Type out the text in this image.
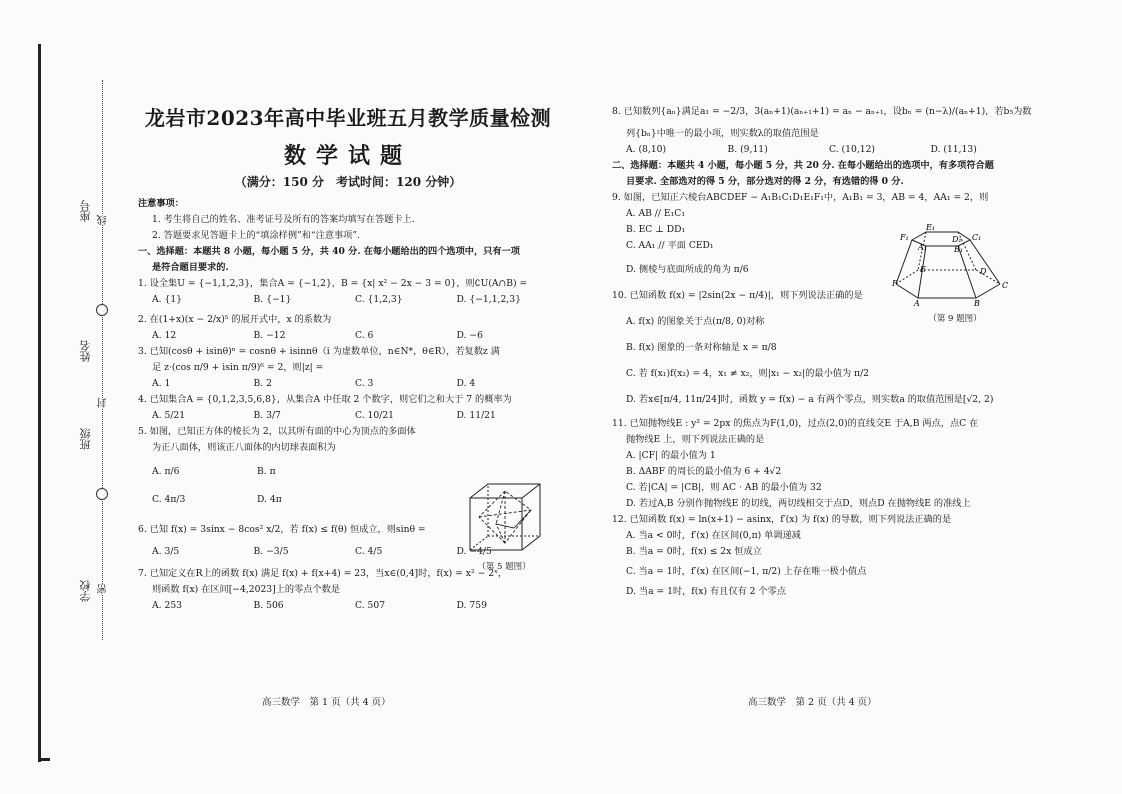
座号 线
姓名
封
班级
学校 密
龙岩市2023年高中毕业班五月教学质量检测
数学试题
（满分：150 分　考试时间：120 分钟）

注意事项：

1. 考生将自己的姓名、准考证号及所有的答案均填写在答题卡上.

2. 答题要求见答题卡上的“填涂样例”和“注意事项”.

一、选择题：本题共 8 小题，每小题 5 分，共 40 分. 在每小题给出的四个选项中，只有一项

是符合题目要求的.

1. 设全集U = {−1,1,2,3}，集合A = {−1,2}，B = {x| x² − 2x − 3 = 0}，则∁U(A∩B) =

A. {1}	B. {−1}	C. {1,2,3}	D. {−1,1,2,3}

2. 在(1+x)(x − 2/x)⁵ 的展开式中，x 的系数为

A. 12	B. −12	C. 6	D. −6

3. 已知(cosθ + isinθ)ⁿ = cosnθ + isinnθ（i 为虚数单位，n∈N*，θ∈R），若复数z 满

足 z·(cos π/9 + isin π/9)⁶ = 2，则|z| =

A. 1	B. 2	C. 3	D. 4

4. 已知集合A = {0,1,2,3,5,6,8}，从集合A 中任取 2 个数字，则它们之和大于 7 的概率为

A. 5/21	B. 3/7	C. 10/21	D. 11/21

5. 如图，已知正方体的棱长为 2，以其所有面的中心为顶点的多面体

为正八面体，则该正八面体的内切球表面积为

A. π/6	B. π

C. 4π/3	D. 4π

6. 已知 f(x) = 3sinx − 8cos² x/2，若 f(x) ≤ f(θ) 恒成立，则sinθ =

A. 3/5	B. −3/5	C. 4/5	D. −4/5

7. 已知定义在R上的函数 f(x) 满足 f(x) + f(x+4) = 23，当x∈(0,4]时，f(x) = x² − 2ˣ，

则函数 f(x) 在区间[−4,2023]上的零点个数是

A. 253	B. 506	C. 507	D. 759

（第 5 题图）
高三数学　第 1 页（共 4 页）

8. 已知数列{aₙ}满足a₁ = −2/3，3(aₙ+1)(aₙ₊₁+1) = aₙ − aₙ₊₁，设bₙ = (n−λ)/(aₙ+1)，若b₅为数

列{bₙ}中唯一的最小项，则实数λ的取值范围是

A. (8,10)	B. (9,11)	C. (10,12)	D. (11,13)

二、选择题：本题共 4 小题，每小题 5 分，共 20 分. 在每小题给出的选项中，有多项符合题

目要求. 全部选对的得 5 分，部分选对的得 2 分，有选错的得 0 分.

9. 如图，已知正六棱台ABCDEF − A₁B₁C₁D₁E₁F₁中，A₁B₁ = 3，AB = 4，AA₁ = 2，则

A. AB // E₁C₁

B. EC ⊥ DD₁

C. AA₁ // 平面 CED₁

D. 侧棱与底面所成的角为 π/6

10. 已知函数 f(x) = |2sin(2x − π/4)|，则下列说法正确的是

A. f(x) 的图象关于点(π/8, 0)对称

B. f(x) 图象的一条对称轴是 x = π/8

C. 若 f(x₁)f(x₂) = 4，x₁ ≠ x₂，则|x₁ − x₂|的最小值为 π/2

D. 若x∈[π/4, 11π/24]时，函数 y = f(x) − a 有两个零点，则实数a 的取值范围是[√2, 2)

11. 已知抛物线E : y² = 2px 的焦点为F(1,0)，过点(2,0)的直线交E 于A,B 两点，点C 在

抛物线E 上，则下列说法正确的是

A. |CF| 的最小值为 1

B. ΔABF 的周长的最小值为 6 + 4√2

C. 若|CA| = |CB|，则 AC · AB 的最小值为 32

D. 若过A,B 分别作抛物线E 的切线，两切线相交于点D，则点D 在抛物线E 的准线上

12. 已知函数 f(x) = ln(x+1) − asinx，f′(x) 为 f(x) 的导数，则下列说法正确的是

A. 当a < 0时，f′(x) 在区间(0,π) 单调递减

B. 当a = 0时，f(x) ≤ 2x 恒成立

C. 当a = 1时，f′(x) 在区间(−1, π/2) 上存在唯一极小值点

D. 当a = 1时，f(x) 有且仅有 2 个零点

F
A	B
C
D
E
F₁
E₁
D₁ C₁
A₁	B₁
（第 9 题图）
高三数学　第 2 页（共 4 页）
